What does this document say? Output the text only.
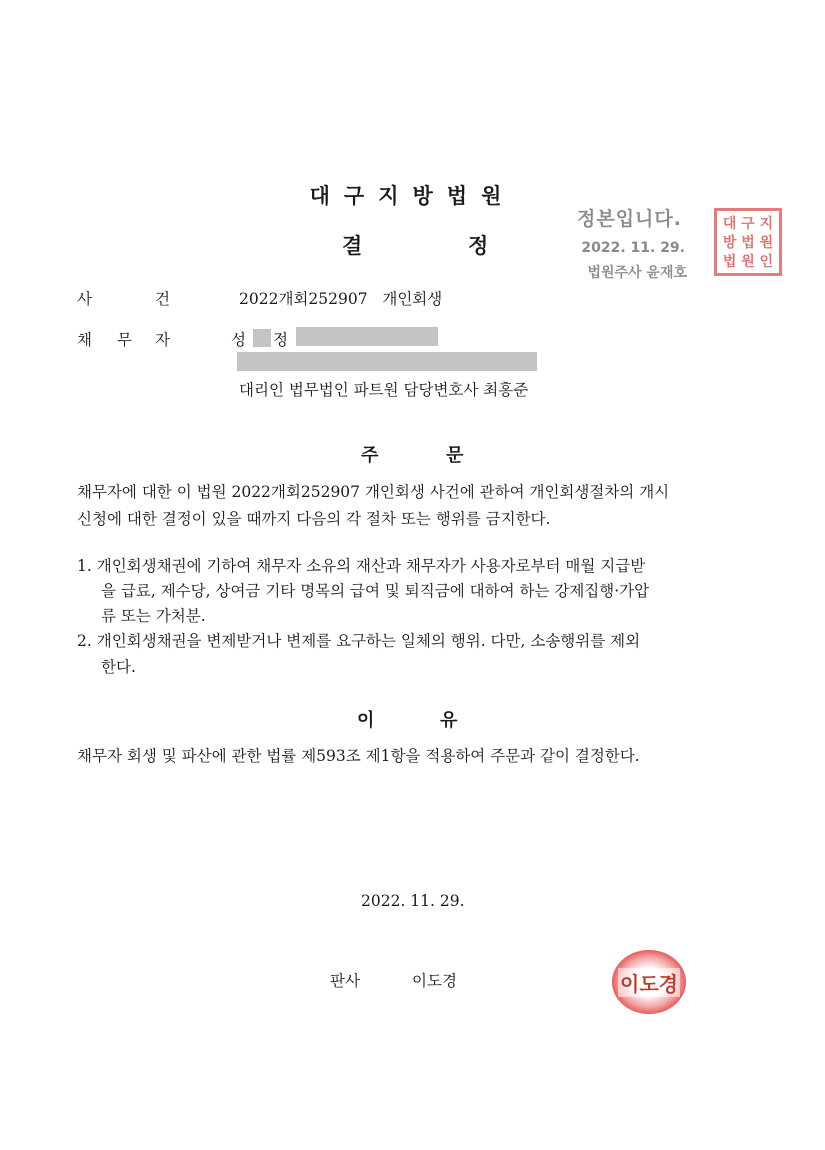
대구지방법원
결	정
정본입니다.
2022. 11. 29.
법원주사 윤재호
대 구 지
방 법 원
법 원 인
사	건	2022개회252907   개인회생
채 무 자	성 정
대리인 법무법인 파트원 담당변호사 최홍준
주	문
채무자에 대한 이 법원 2022개회252907 개인회생 사건에 관하여 개인회생절차의 개시
신청에 대한 결정이 있을 때까지 다음의 각 절차 또는 행위를 금지한다.
1. 개인회생채권에 기하여 채무자 소유의 재산과 채무자가 사용자로부터 매월 지급받
을 급료, 제수당, 상여금 기타 명목의 급여 및 퇴직금에 대하여 하는 강제집행·가압
류 또는 가처분.
2. 개인회생채권을 변제받거나 변제를 요구하는 일체의 행위. 다만, 소송행위를 제외
한다.
이	유
채무자 회생 및 파산에 관한 법률 제593조 제1항을 적용하여 주문과 같이 결정한다.
2022. 11. 29.
판사	이도경	이도경
